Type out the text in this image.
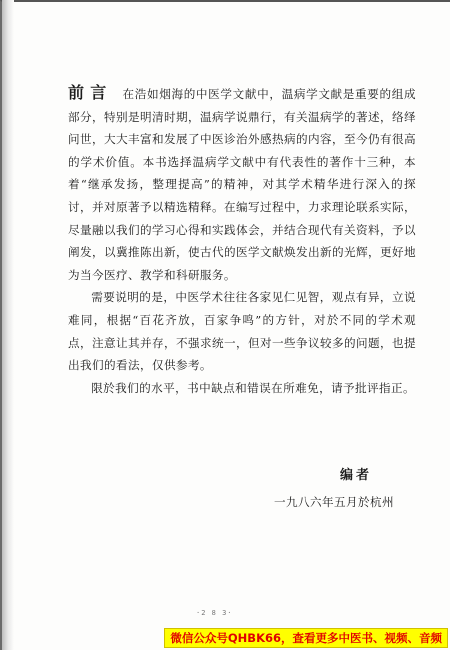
前言 在浩如烟海的中医学文献中，温病学文献是重要的组成部分，特别是明清时期，温病学说鼎行，有关温病学的著述，络绎问世，大大丰富和发展了中医诊治外感热病的内容，至今仍有很高的学术价值。本书选择温病学文献中有代表性的著作十三种，本着“继承发扬，整理提高”的精神，对其学术精华进行深入的探讨，并对原著予以精选精释。在编写过程中，力求理论联系实际，尽量融以我们的学习心得和实践体会，并结合现代有关资料，予以阐发，以冀推陈出新，使古代的医学文献焕发出新的光辉，更好地为当今医疗、教学和科研服务。

需要说明的是，中医学术往往各家见仁见智，观点有异，立说难同，根据“百花齐放，百家争鸣”的方针，对於不同的学术观点，注意让其并存，不强求统一，但对一些争议较多的问题，也提出我们的看法，仅供参考。

限於我们的水平，书中缺点和错误在所难免，请予批评指正。

编者
一九八六年五月於杭州
·2 8 3·
微信公众号QHBK66，查看更多中医书、视频、音频
